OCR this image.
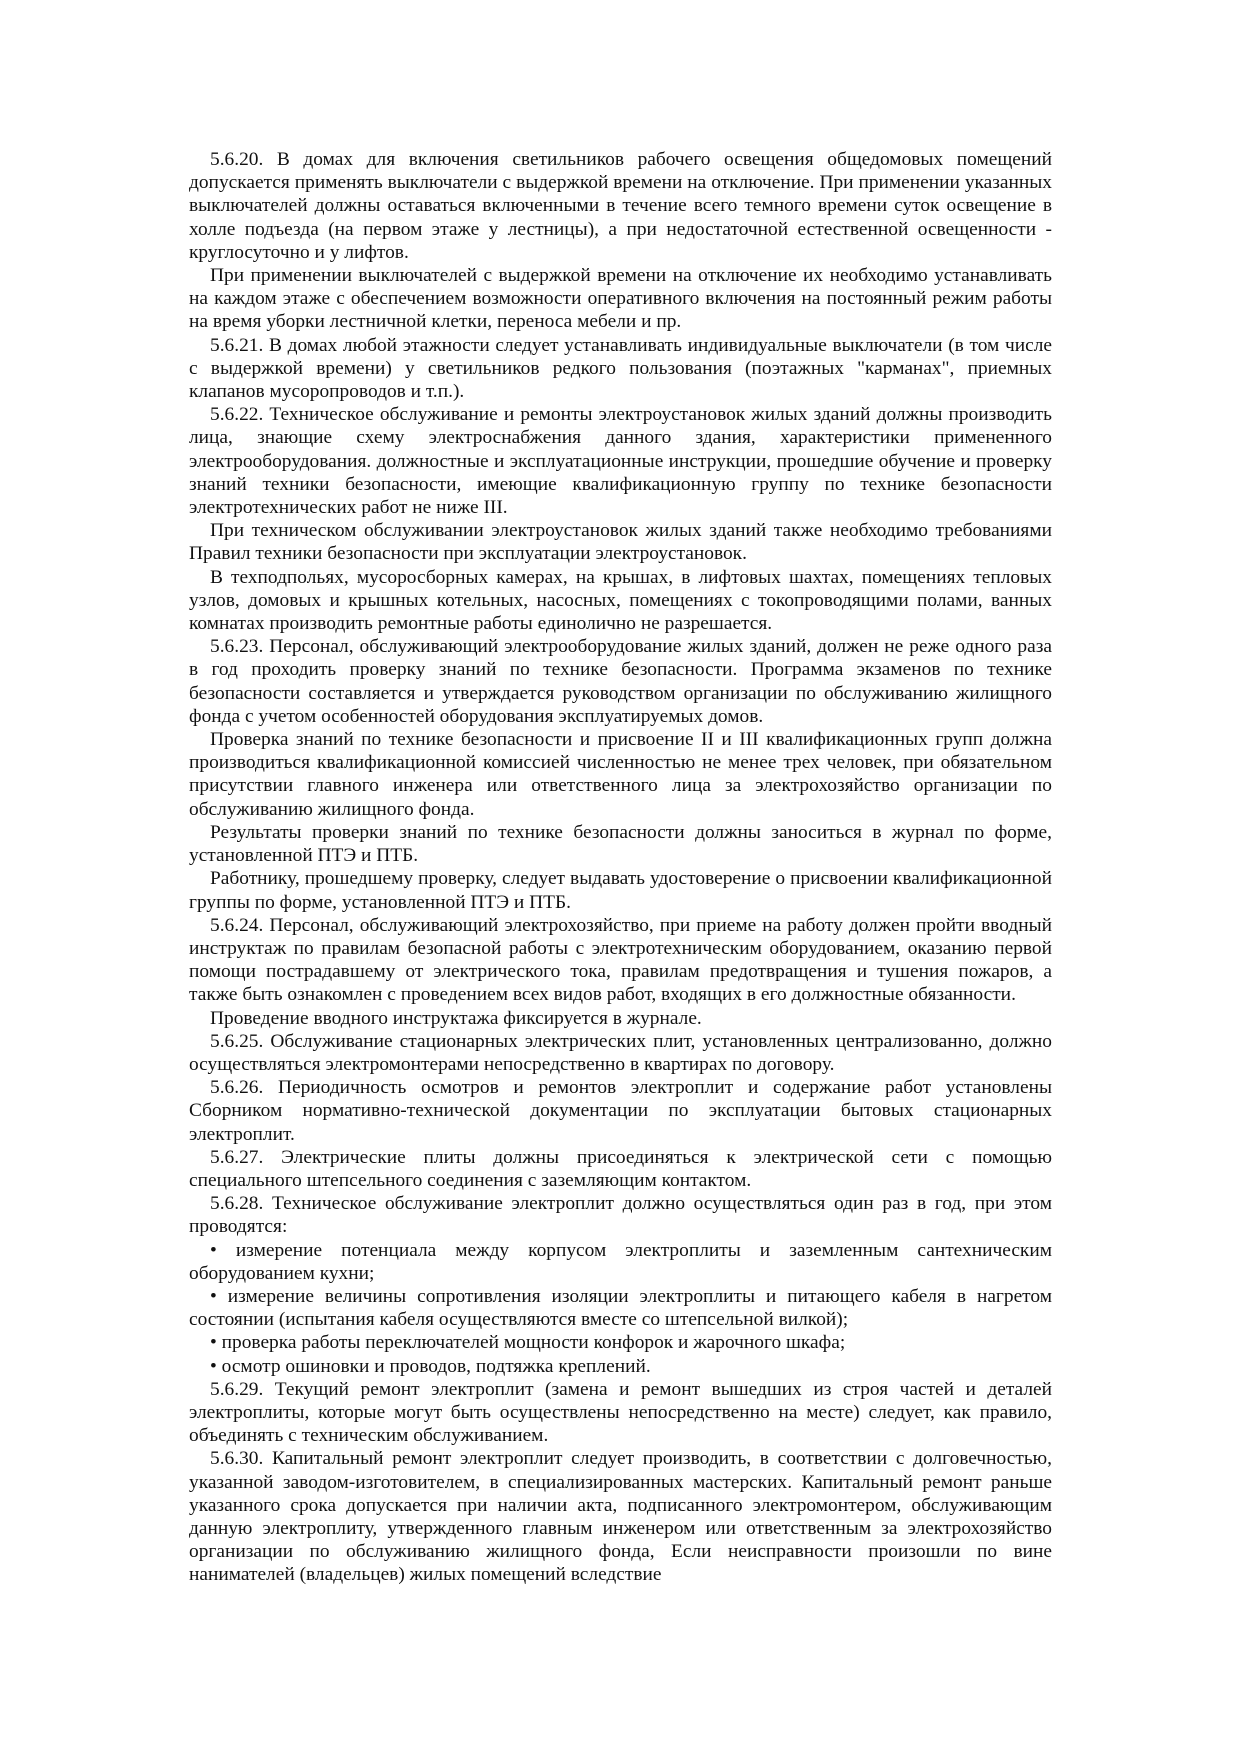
5.6.20. В домах для включения светильников рабочего освещения общедомовых помещений допускается применять выключатели с выдержкой времени на отключение. При применении указанных выключателей должны оставаться включенными в течение всего темного времени суток освещение в холле подъезда (на первом этаже у лестницы), а при недостаточной естественной освещенности - круглосуточно и у лифтов.

При применении выключателей с выдержкой времени на отключение их необходимо устанавливать на каждом этаже с обеспечением возможности оперативного включения на постоянный режим работы на время уборки лестничной клетки, переноса мебели и пр.

5.6.21. В домах любой этажности следует устанавливать индивидуальные выключатели (в том числе с выдержкой времени) у светильников редкого пользования (поэтажных "карманах", приемных клапанов мусоропроводов и т.п.).

5.6.22. Техническое обслуживание и ремонты электроустановок жилых зданий должны производить лица, знающие схему электроснабжения данного здания, характеристики примененного электрооборудования. должностные и эксплуатационные инструкции, прошедшие обучение и проверку знаний техники безопасности, имеющие квалификационную группу по технике безопасности электротехнических работ не ниже III.

При техническом обслуживании электроустановок жилых зданий также необходимо требованиями Правил техники безопасности при эксплуатации электроустановок.

В техподпольях, мусоросборных камерах, на крышах, в лифтовых шахтах, помещениях тепловых узлов, домовых и крышных котельных, насосных, помещениях с токопроводящими полами, ванных комнатах производить ремонтные работы единолично не разрешается.

5.6.23. Персонал, обслуживающий электрооборудование жилых зданий, должен не реже одного раза в год проходить проверку знаний по технике безопасности. Программа экзаменов по технике безопасности составляется и утверждается руководством организации по обслуживанию жилищного фонда с учетом особенностей оборудования эксплуатируемых домов.

Проверка знаний по технике безопасности и присвоение II и III квалификационных групп должна производиться квалификационной комиссией численностью не менее трех человек, при обязательном присутствии главного инженера или ответственного лица за электрохозяйство организации по обслуживанию жилищного фонда.

Результаты проверки знаний по технике безопасности должны заноситься в журнал по форме, установленной ПТЭ и ПТБ.

Работнику, прошедшему проверку, следует выдавать удостоверение о присвоении квалификационной группы по форме, установленной ПТЭ и ПТБ.

5.6.24. Персонал, обслуживающий электрохозяйство, при приеме на работу должен пройти вводный инструктаж по правилам безопасной работы с электротехническим оборудованием, оказанию первой помощи пострадавшему от электрического тока, правилам предотвращения и тушения пожаров, а также быть ознакомлен с проведением всех видов работ, входящих в его должностные обязанности.

Проведение вводного инструктажа фиксируется в журнале.

5.6.25. Обслуживание стационарных электрических плит, установленных централизованно, должно осуществляться электромонтерами непосредственно в квартирах по договору.

5.6.26. Периодичность осмотров и ремонтов электроплит и содержание работ установлены Сборником нормативно-технической документации по эксплуатации бытовых стационарных электроплит.

5.6.27. Электрические плиты должны присоединяться к электрической сети с помощью специального штепсельного соединения с заземляющим контактом.

5.6.28. Техническое обслуживание электроплит должно осуществляться один раз в год, при этом проводятся:

• измерение потенциала между корпусом электроплиты и заземленным сантехническим оборудованием кухни;

• измерение величины сопротивления изоляции электроплиты и питающего кабеля в нагретом состоянии (испытания кабеля осуществляются вместе со штепсельной вилкой);

• проверка работы переключателей мощности конфорок и жарочного шкафа;

• осмотр ошиновки и проводов, подтяжка креплений.

5.6.29. Текущий ремонт электроплит (замена и ремонт вышедших из строя частей и деталей электроплиты, которые могут быть осуществлены непосредственно на месте) следует, как правило, объединять с техническим обслуживанием.

5.6.30. Капитальный ремонт электроплит следует производить, в соответствии с долговечностью, указанной заводом-изготовителем, в специализированных мастерских. Капитальный ремонт раньше указанного срока допускается при наличии акта, подписанного электромонтером, обслуживающим данную электроплиту, утвержденного главным инженером или ответственным за электрохозяйство организации по обслуживанию жилищного фонда, Если неисправности произошли по вине нанимателей (владельцев) жилых помещений вследствие
